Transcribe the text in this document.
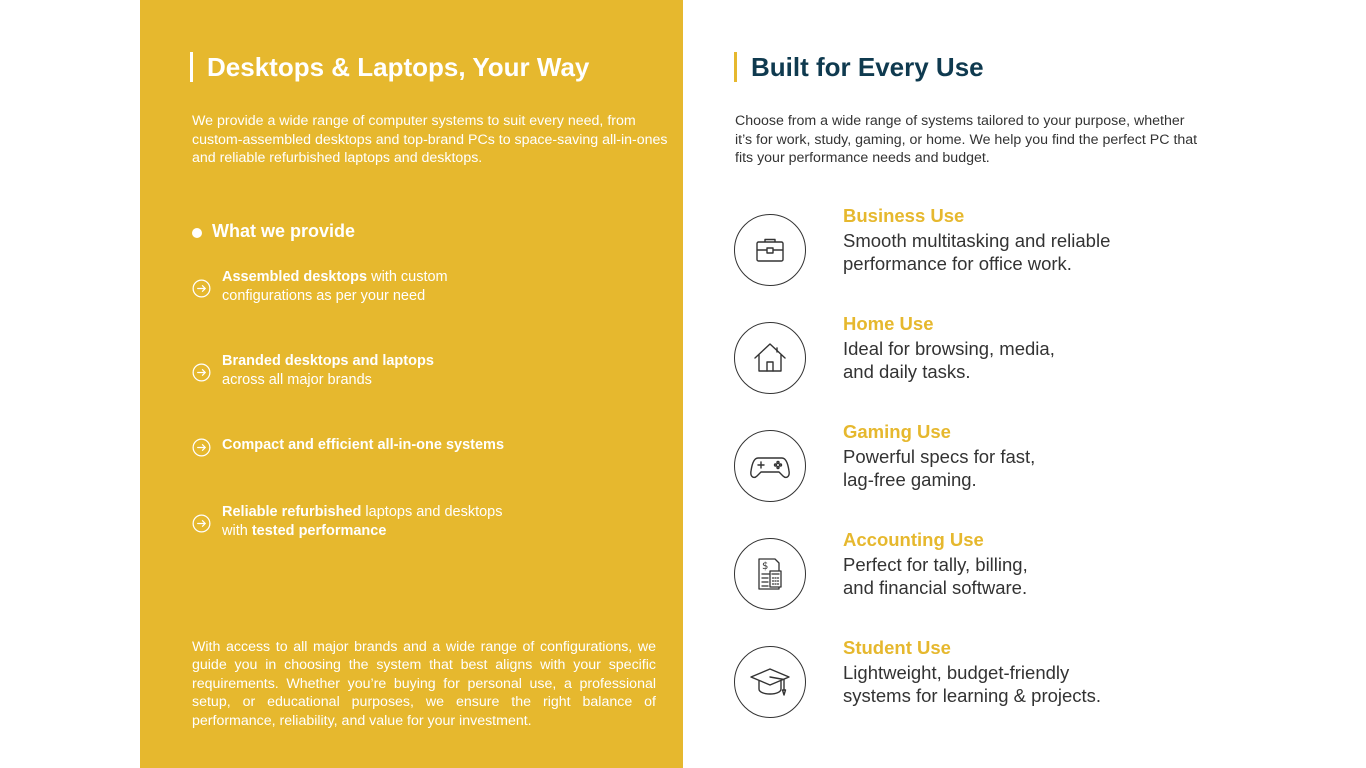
Desktops & Laptops, Your Way

We provide a wide range of computer systems to suit every need, from custom-assembled desktops and top-brand PCs to space-saving all-in-ones and reliable refurbished laptops and desktops.

What we provide
Assembled desktops with custom configurations as per your need
Branded desktops and laptops across all major brands
Compact and efficient all-in-one systems
Reliable refurbished laptops and desktops with tested performance

With access to all major brands and a wide range of configurations, we guide you in choosing the system that best aligns with your specific requirements. Whether you’re buying for personal use, a professional setup, or educational purposes, we ensure the right balance of performance, reliability, and value for your investment.

Built for Every Use

Choose from a wide range of systems tailored to your purpose, whether it’s for work, study, gaming, or home. We help you find the perfect PC that fits your performance needs and budget.

Business Use
Smooth multitasking and reliable
performance for office work.
Home Use
Ideal for browsing, media,
and daily tasks.
Gaming Use
Powerful specs for fast,
lag-free gaming.
$
Accounting Use
Perfect for tally, billing,
and financial software.
Student Use
Lightweight, budget-friendly
systems for learning & projects.
